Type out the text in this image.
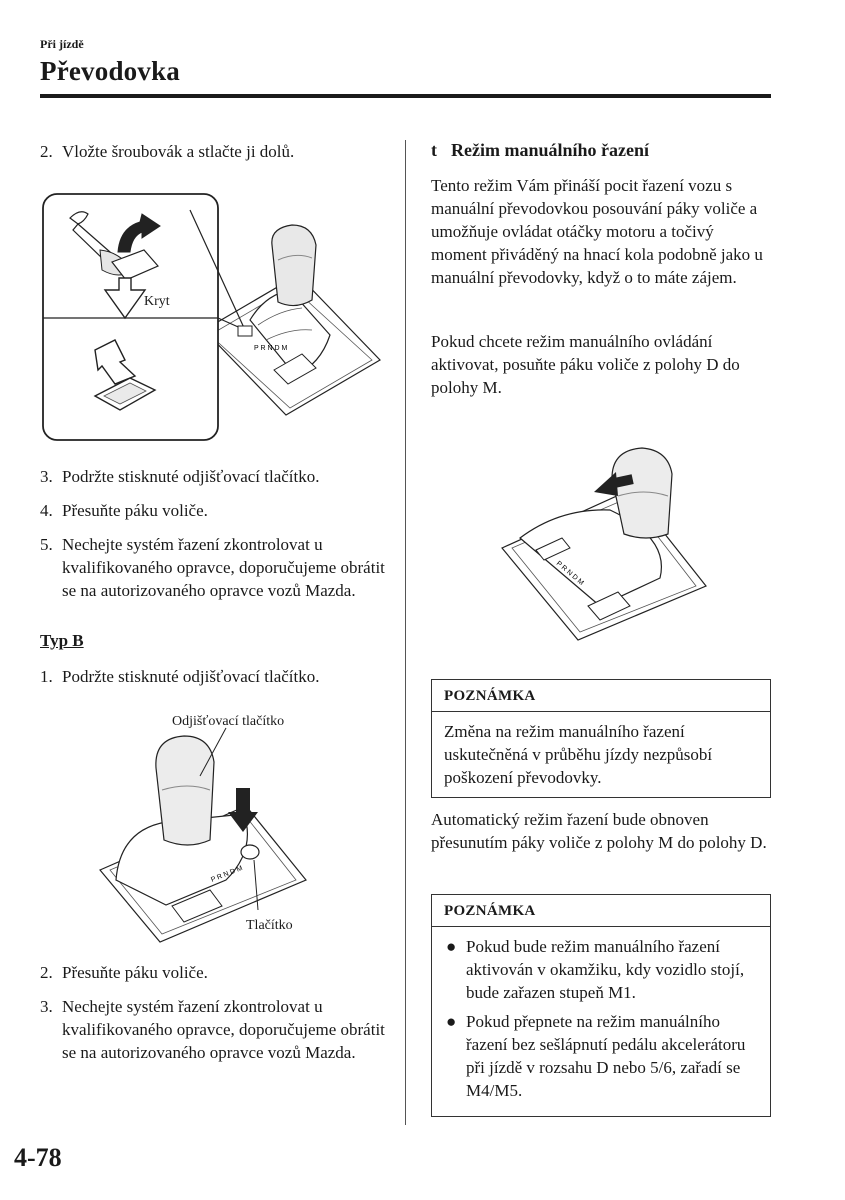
Při jízdě
Převodovka
2. Vložte šroubovák a stlačte ji dolů.
P R N D M
Kryt
3. Podržte stisknuté odjišťovací tlačítko.
4. Přesuňte páku voliče.
5. Nechejte systém řazení zkontrolovat u kvalifikovaného opravce, doporučujeme obrátit se na autorizovaného opravce vozů Mazda.
Typ B
1. Podržte stisknuté odjišťovací tlačítko.
P R N D M
Odjišťovací tlačítko
Tlačítko
2. Přesuňte páku voliče.
3. Nechejte systém řazení zkontrolovat u kvalifikovaného opravce, doporučujeme obrátit se na autorizovaného opravce vozů Mazda.
t Režim manuálního řazení
Tento režim Vám přináší pocit řazení vozu s manuální převodovkou posouvání páky voliče a umožňuje ovládat otáčky motoru a točivý moment přiváděný na hnací kola podobně jako u manuální převodovky, když o to máte zájem.
Pokud chcete režim manuálního ovládání aktivovat, posuňte páku voliče z polohy D do polohy M.
P R N D M
POZNÁMKA
Změna na režim manuálního řazení uskutečněná v průběhu jízdy nezpůsobí poškození převodovky.
Automatický režim řazení bude obnoven přesunutím páky voliče z polohy M do polohy D.
POZNÁMKA
● Pokud bude režim manuálního řazení aktivován v okamžiku, kdy vozidlo stojí, bude zařazen stupeň M1.
● Pokud přepnete na režim manuálního řazení bez sešlápnutí pedálu akcelerátoru při jízdě v rozsahu D nebo 5/6, zařadí se M4/M5.
4-78
